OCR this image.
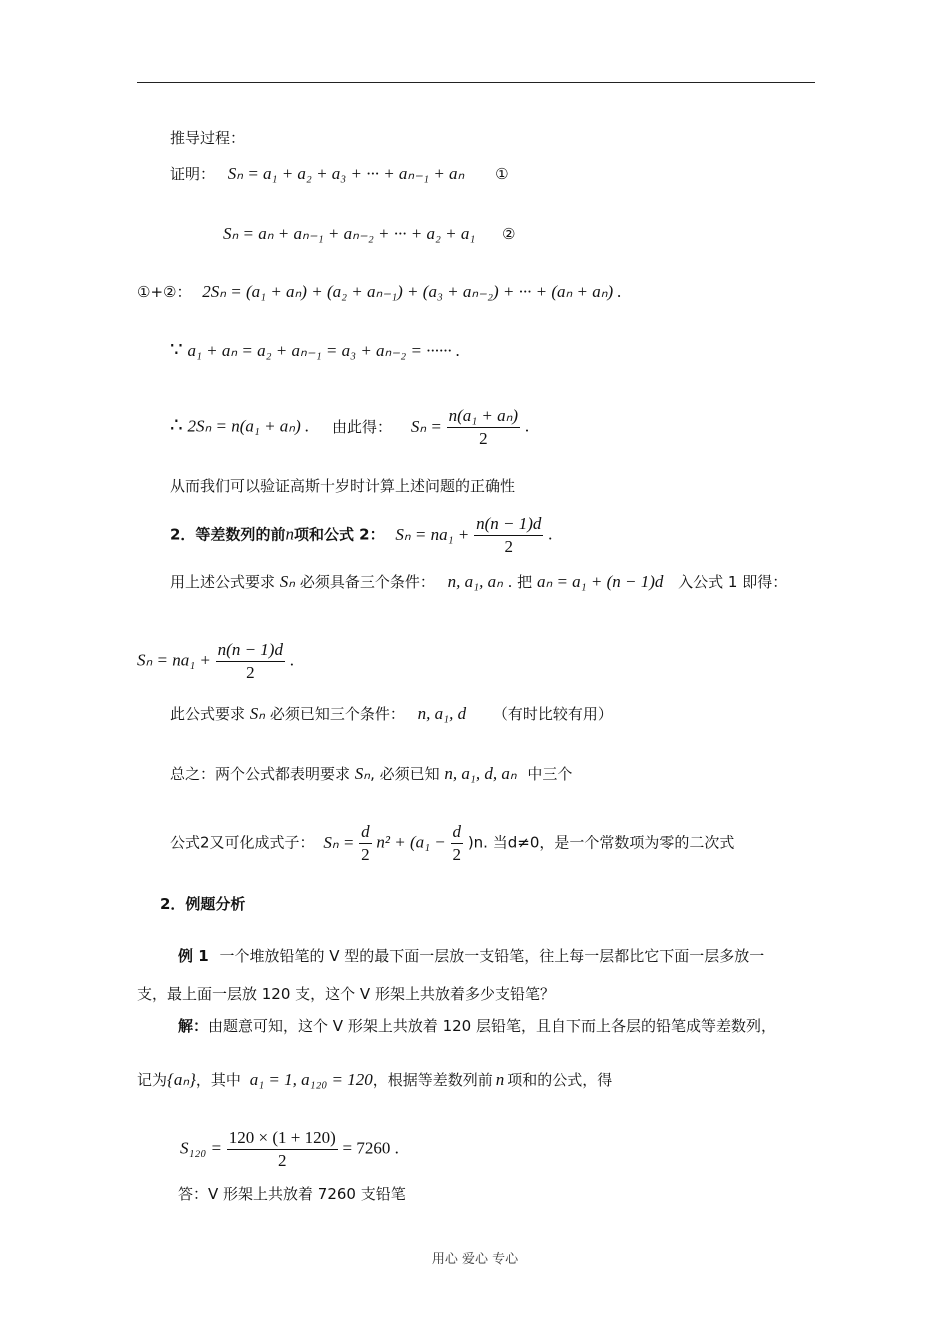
推导过程：
证明： Sₙ = a₁ + a₂ + a₃ + ··· + aₙ₋₁ + aₙ ①
Sₙ = aₙ + aₙ₋₁ + aₙ₋₂ + ··· + a₂ + a₁ ②
①+②： 2Sₙ = (a₁ + aₙ) + (a₂ + aₙ₋₁) + (a₃ + aₙ₋₂) + ··· + (aₙ + aₙ) .
∵ a₁ + aₙ = a₂ + aₙ₋₁ = a₃ + aₙ₋₂ = ······ .
∴ 2Sₙ = n(a₁ + aₙ) . 由此得： $S_n = \frac{\text{n(a₁ + aₙ)}}{2}$ .
从而我们可以验证高斯十岁时计算上述问题的正确性
2．等差数列的前n项和公式 2： $S_n = na_1 + \frac{n(n - 1)d}{2}$ .
用上述公式要求 Sₙ 必须具备三个条件： n, a₁, aₙ . 把 aₙ = a₁ + (n − 1)d 入公式 1 即得：
$S_n = na_1 + \frac{n(n - 1)d}{2}$ .
此公式要求 Sₙ 必须已知三个条件： n, a₁, d （有时比较有用）
总之：两个公式都表明要求 Sₙ, 必须已知 n, a₁, d, aₙ 中三个
公式2又可化成式子： $S_n = \frac{d}{2} n^2 + (a_1 - \frac{d}{2} )n$. 当d≠0，是一个常数项为零的二次式
2．例题分析
例 1 一个堆放铅笔的 V 型的最下面一层放一支铅笔，往上每一层都比它下面一层多放一
支，最上面一层放 120 支，这个 V 形架上共放着多少支铅笔？
解：由题意可知，这个 V 形架上共放着 120 层铅笔，且自下而上各层的铅笔成等差数列，
记为{aₙ}，其中 a₁ = 1, a₁₂₀ = 120，根据等差数列前 n 项和的公式，得
$S_{120} = \frac{120 \times (1 + 120)}{2} = 7260$ .
答：V 形架上共放着 7260 支铅笔
用心 爱心 专心
